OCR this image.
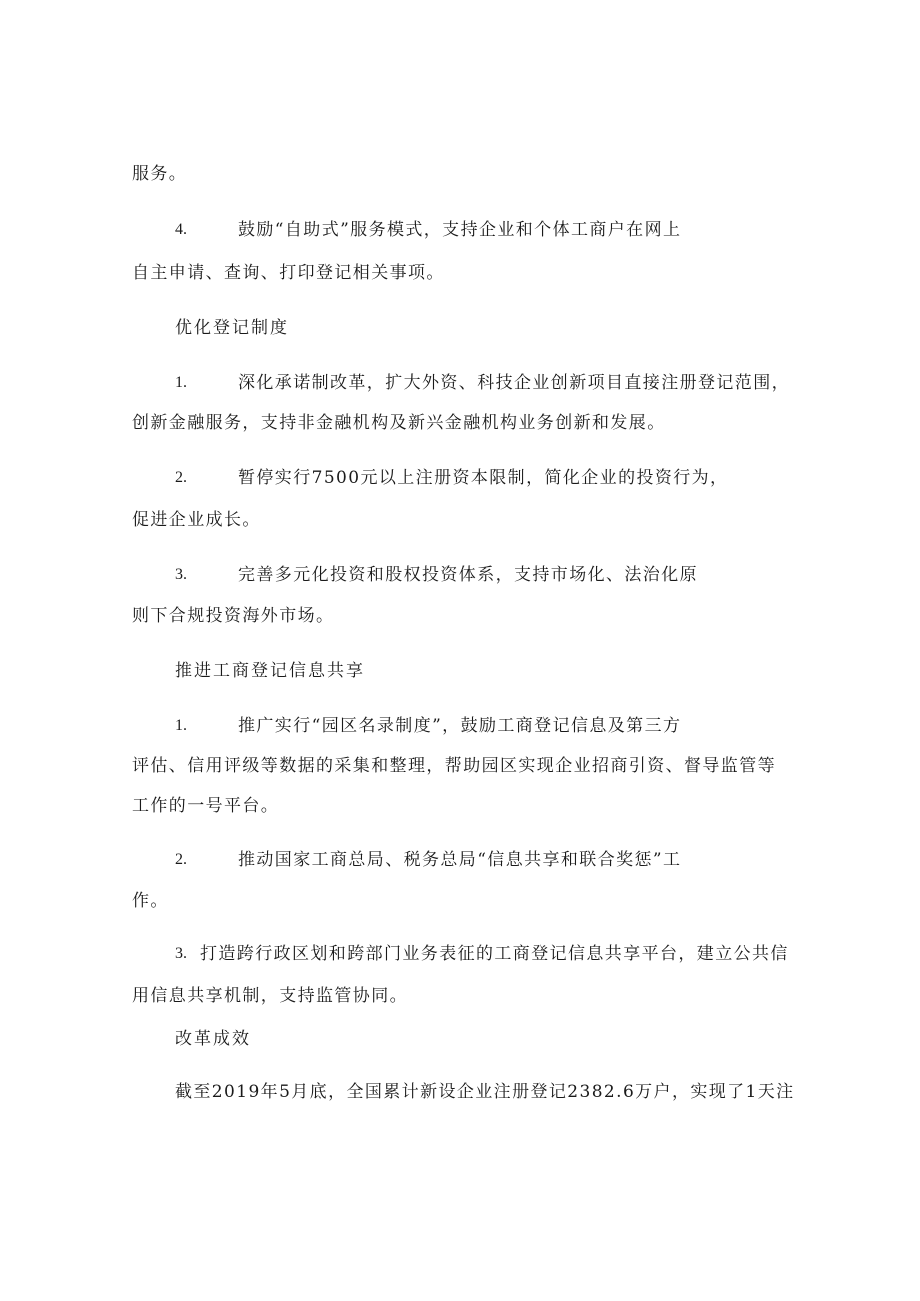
服务。
4.	鼓励“自助式”服务模式，支持企业和个体工商户在网上
自主申请、查询、打印登记相关事项。
优化登记制度
1.	深化承诺制改革，扩大外资、科技企业创新项目直接注册登记范围，
创新金融服务，支持非金融机构及新兴金融机构业务创新和发展。
2.	暂停实行7500元以上注册资本限制，简化企业的投资行为，
促进企业成长。
3.	完善多元化投资和股权投资体系，支持市场化、法治化原
则下合规投资海外市场。
推进工商登记信息共享
1.	推广实行“园区名录制度”，鼓励工商登记信息及第三方
评估、信用评级等数据的采集和整理，帮助园区实现企业招商引资、督导监管等
工作的一号平台。
2.	推动国家工商总局、税务总局“信息共享和联合奖惩”工
作。
3. 打造跨行政区划和跨部门业务表征的工商登记信息共享平台，建立公共信
用信息共享机制，支持监管协同。
改革成效
截至2019年5月底，全国累计新设企业注册登记2382.6万户，实现了1天注
